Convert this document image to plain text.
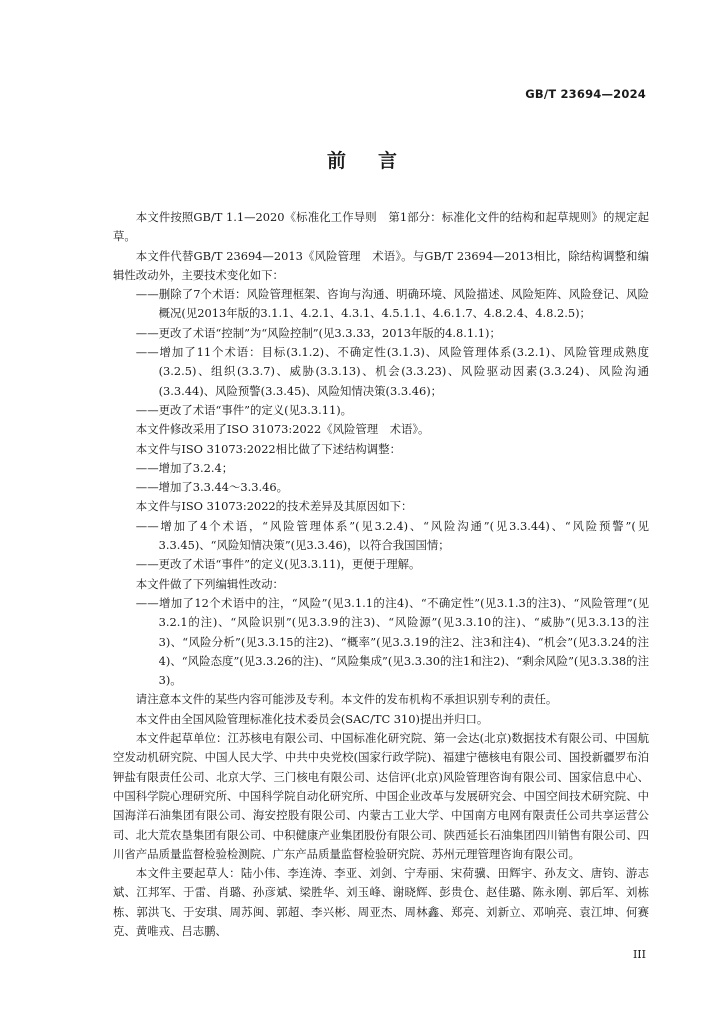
GB/T 23694—2024
前言

本文件按照GB/T 1.1—2020《标准化工作导则　第1部分：标准化文件的结构和起草规则》的规定起草。

本文件代替GB/T 23694—2013《风险管理　术语》。与GB/T 23694—2013相比，除结构调整和编辑性改动外，主要技术变化如下：

——删除了7个术语：风险管理框架、咨询与沟通、明确环境、风险描述、风险矩阵、风险登记、风险概况(见2013年版的3.1.1、4.2.1、4.3.1、4.5.1.1、4.6.1.7、4.8.2.4、4.8.2.5)；

——更改了术语“控制”为“风险控制”(见3.3.33，2013年版的4.8.1.1)；

——增加了11个术语：目标(3.1.2)、不确定性(3.1.3)、风险管理体系(3.2.1)、风险管理成熟度(3.2.5)、组织(3.3.7)、威胁(3.3.13)、机会(3.3.23)、风险驱动因素(3.3.24)、风险沟通(3.3.44)、风险预警(3.3.45)、风险知情决策(3.3.46)；

——更改了术语“事件”的定义(见3.3.11)。

本文件修改采用了ISO 31073:2022《风险管理　术语》。

本文件与ISO 31073:2022相比做了下述结构调整：

——增加了3.2.4；

——增加了3.3.44～3.3.46。

本文件与ISO 31073:2022的技术差异及其原因如下：

——增加了4个术语，“风险管理体系”(见3.2.4)、“风险沟通”(见3.3.44)、“风险预警”(见3.3.45)、“风险知情决策”(见3.3.46)，以符合我国国情；

——更改了术语“事件”的定义(见3.3.11)，更便于理解。

本文件做了下列编辑性改动：

——增加了12个术语中的注，“风险”(见3.1.1的注4)、“不确定性”(见3.1.3的注3)、“风险管理”(见3.2.1的注)、“风险识别”(见3.3.9的注3)、“风险源”(见3.3.10的注)、“威胁”(见3.3.13的注3)、“风险分析”(见3.3.15的注2)、“概率”(见3.3.19的注2、注3和注4)、“机会”(见3.3.24的注4)、“风险态度”(见3.3.26的注)、“风险集成”(见3.3.30的注1和注2)、“剩余风险”(见3.3.38的注3)。

请注意本文件的某些内容可能涉及专利。本文件的发布机构不承担识别专利的责任。

本文件由全国风险管理标准化技术委员会(SAC/TC 310)提出并归口。

本文件起草单位：江苏核电有限公司、中国标准化研究院、第一会达(北京)数据技术有限公司、中国航空发动机研究院、中国人民大学、中共中央党校(国家行政学院)、福建宁德核电有限公司、国投新疆罗布泊钾盐有限责任公司、北京大学、三门核电有限公司、达信评(北京)风险管理咨询有限公司、国家信息中心、中国科学院心理研究所、中国科学院自动化研究所、中国企业改革与发展研究会、中国空间技术研究院、中国海洋石油集团有限公司、海安控股有限公司、内蒙古工业大学、中国南方电网有限责任公司共享运营公司、北大荒农垦集团有限公司、中积健康产业集团股份有限公司、陕西延长石油集团四川销售有限公司、四川省产品质量监督检验检测院、广东产品质量监督检验研究院、苏州元理管理咨询有限公司。

本文件主要起草人：陆小伟、李连涛、李亚、刘剑、宁寿丽、宋荷骥、田辉宇、孙友文、唐钧、游志斌、江邦军、于雷、肖璐、孙彦斌、梁胜华、刘玉峰、谢晓辉、彭贵仓、赵佳璐、陈永刚、郭后军、刘栋栋、郭洪飞、于安琪、周苏闽、郭超、李兴彬、周亚杰、周林鑫、郑亮、刘新立、邓响亮、袁江坤、何赛克、黄唯戎、吕志鹏、

III
